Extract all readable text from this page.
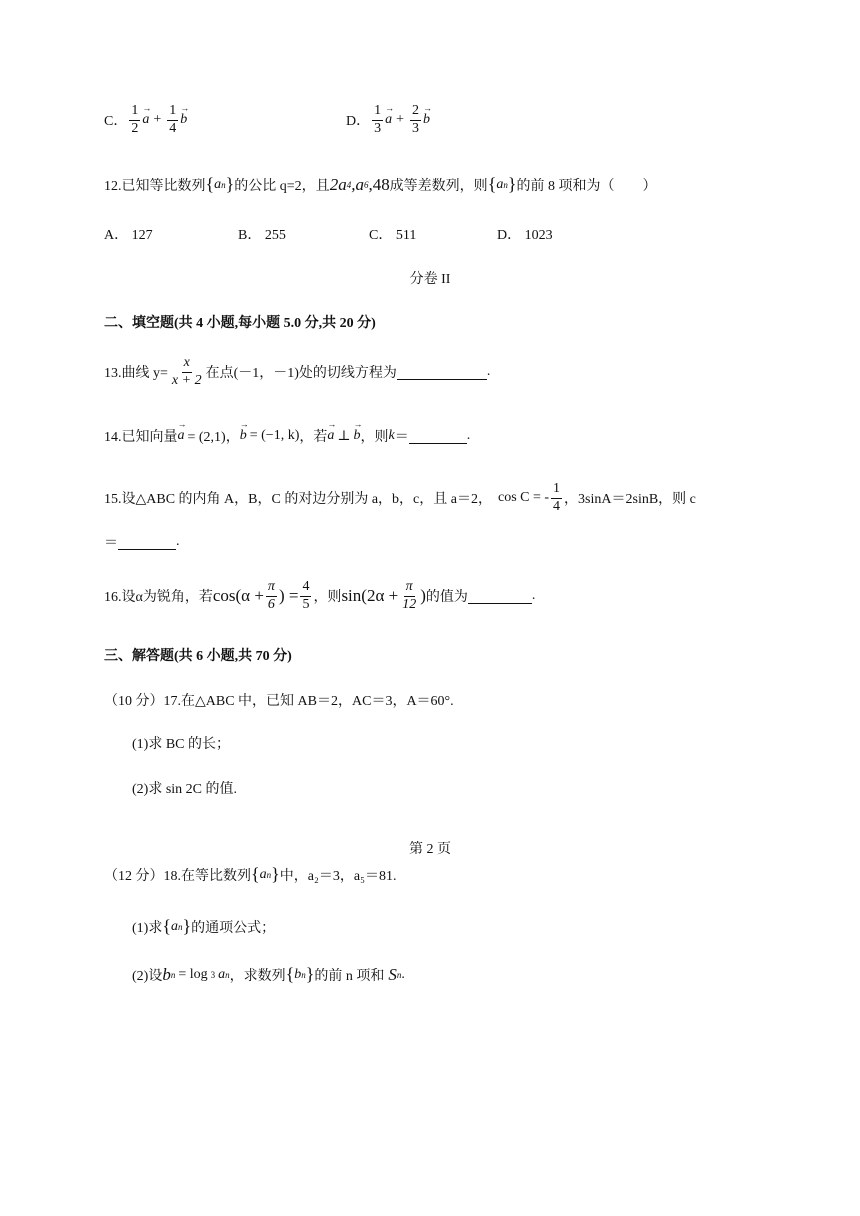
C． $\frac{1}{2}$
→ $a + \frac{1}{4}$
→ b	D． $\frac{1}{3}$
→ $a + \frac{2}{3}$
→ b
12.已知等比数列 { a n } 的公比 q=2，且 2a 4 ,a 6 ,48 成等差数列，则 { a n } 的前 8 项和为（　　）
A． 127	B． 255	C． 511	D． 1023
分卷 II
二、填空题(共 4 小题,每小题 5.0 分,共 20 分)
13.曲线 $y= \frac{x}{x + 2}$ 在点(－1，－1)处的切线方程为	.
14.已知向量
→ a = (2,1)，
→ b = (−1, k) ，若
→ a ⊥
→ b ，则 k ＝	.
15.设△ABC 的内角 A，B，C 的对边分别为 a，b，c，且 a＝2， cos C = - $\frac{1}{4}$ ，3sinA＝2sinB，则 c
＝	.
16.设α为锐角，若 $\cos(\alpha + \frac{\pi}{6}$ ) = $\frac{4}{5}$ ，则 $\sin(2\alpha + \frac{\pi}{12}$ ) 的值为	.
三、解答题(共 6 小题,共 70 分)
（10 分）17.在△ABC 中，已知 AB＝2，AC＝3，A＝60°.
(1)求 BC 的长；
(2)求 sin 2C 的值.
第 2 页
（12 分）18.在等比数列 { a n } 中，a₂＝3，a₅＝81.
(1)求 { a n } 的通项公式；
(2)设 b n = log 3 a n ，求数列 { b n } 的前 n 项和 S n .
